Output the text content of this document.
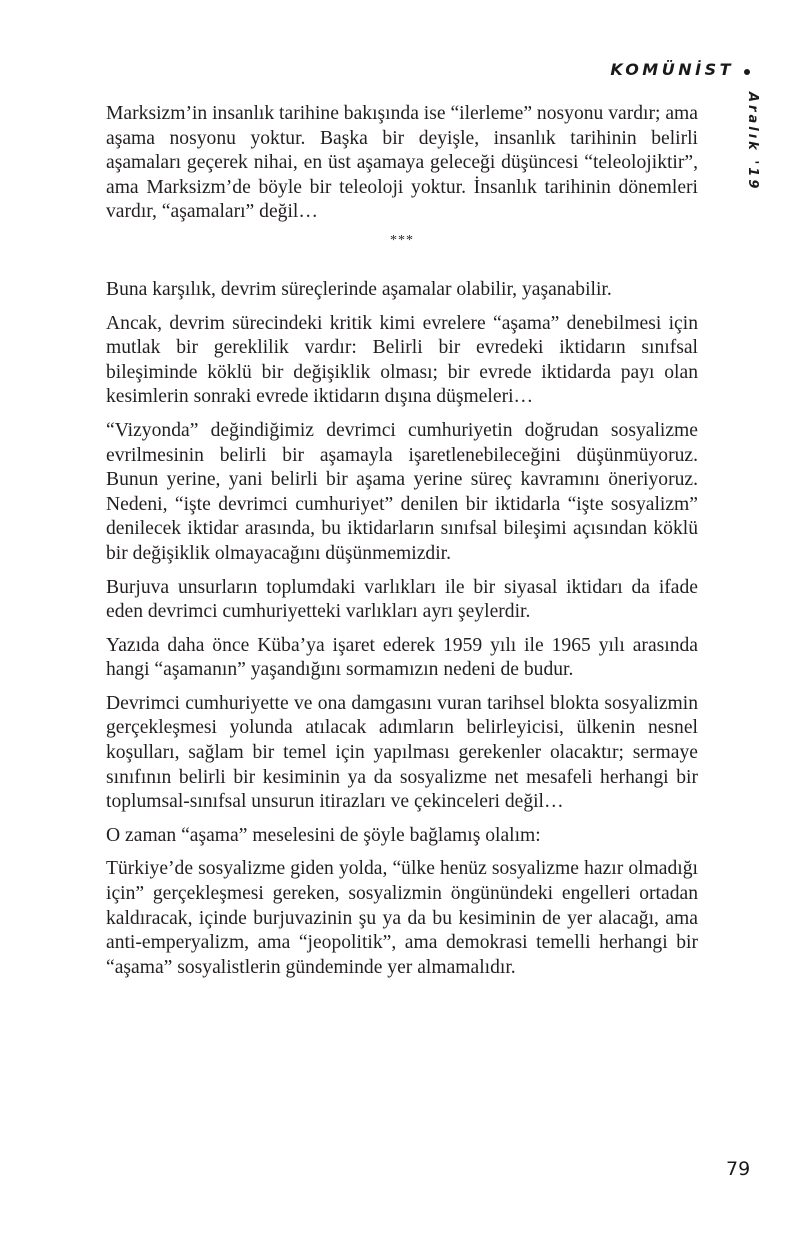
KOMÜNİST
Aralık '19

Marksizm’in insanlık tarihine bakışında ise “ilerleme” nosyonu vardır; ama aşama nosyonu yoktur. Başka bir deyişle, insanlık tarihinin belirli aşamaları geçerek nihai, en üst aşamaya geleceği düşüncesi “teleolojiktir”, ama Marksizm’de böyle bir teleoloji yoktur. İnsanlık tarihinin dönemleri vardır, “aşamaları” değil…

***

Buna karşılık, devrim süreçlerinde aşamalar olabilir, yaşanabilir.

Ancak, devrim sürecindeki kritik kimi evrelere “aşama” denebilmesi için mutlak bir gereklilik vardır: Belirli bir evredeki iktidarın sınıfsal bileşiminde köklü bir değişiklik olması; bir evrede iktidarda payı olan kesimlerin sonraki evrede iktidarın dışına düşmeleri…

“Vizyonda” değindiğimiz devrimci cumhuriyetin doğrudan sosyalizme evrilmesinin belirli bir aşamayla işaretlenebileceğini düşünmüyoruz. Bunun yerine, yani belirli bir aşama yerine süreç kavramını öneriyoruz. Nedeni, “işte devrimci cumhuriyet” denilen bir iktidarla “işte sosyalizm” denilecek iktidar arasında, bu iktidarların sınıfsal bileşimi açısından köklü bir değişiklik olmayacağını düşünmemizdir.

Burjuva unsurların toplumdaki varlıkları ile bir siyasal iktidarı da ifade eden devrimci cumhuriyetteki varlıkları ayrı şeylerdir.

Yazıda daha önce Küba’ya işaret ederek 1959 yılı ile 1965 yılı arasında hangi “aşamanın” yaşandığını sormamızın nedeni de budur.

Devrimci cumhuriyette ve ona damgasını vuran tarihsel blokta sosyalizmin gerçekleşmesi yolunda atılacak adımların belirleyicisi, ülkenin nesnel koşulları, sağlam bir temel için yapılması gerekenler olacaktır; sermaye sınıfının belirli bir kesiminin ya da sosyalizme net mesafeli herhangi bir toplumsal-sınıfsal unsurun itirazları ve çekinceleri değil…

O zaman “aşama” meselesini de şöyle bağlamış olalım:

Türkiye’de sosyalizme giden yolda, “ülke henüz sosyalizme hazır olmadığı için” gerçekleşmesi gereken, sosyalizmin öngünündeki engelleri ortadan kaldıracak, içinde burjuvazinin şu ya da bu kesiminin de yer alacağı, ama anti-emperyalizm, ama “jeopolitik”, ama demokrasi temelli herhangi bir “aşama” sosyalistlerin gündeminde yer almamalıdır.

79
